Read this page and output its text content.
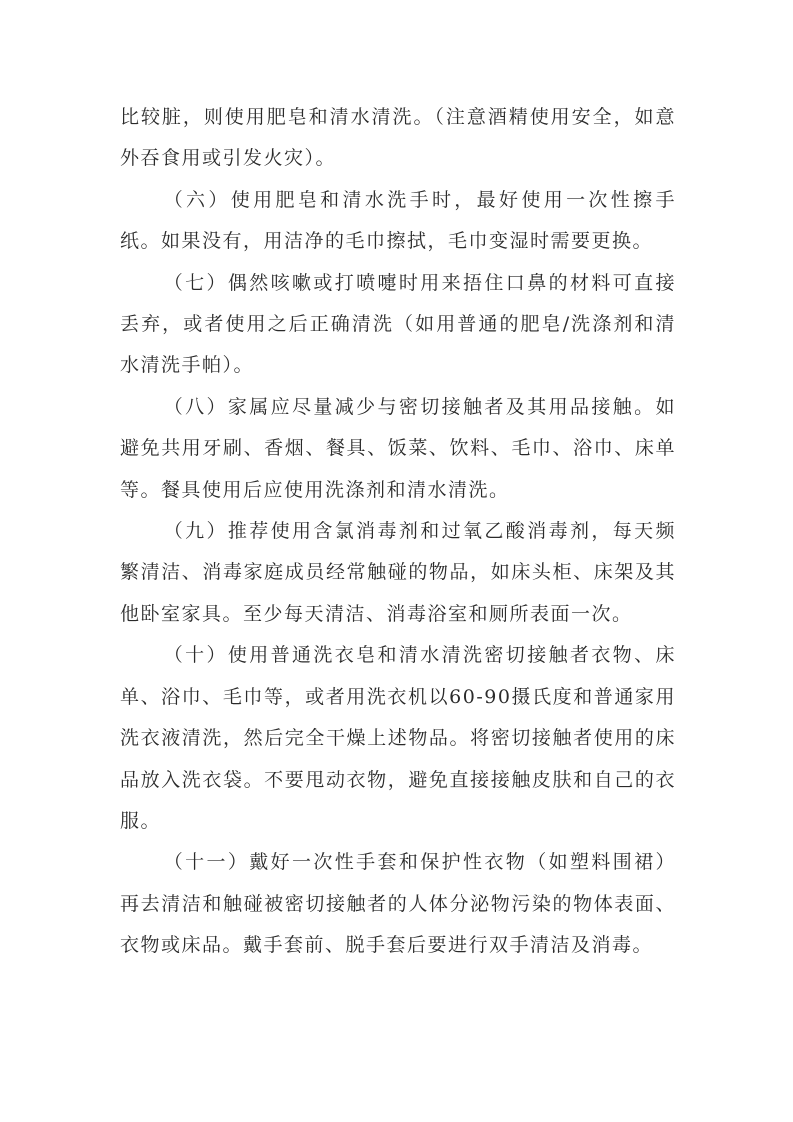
比较脏，则使用肥皂和清水清洗。（注意酒精使用安全，如意外吞食用或引发火灾）。

（六）使用肥皂和清水洗手时，最好使用一次性擦手纸。如果没有，用洁净的毛巾擦拭，毛巾变湿时需要更换。

（七）偶然咳嗽或打喷嚏时用来捂住口鼻的材料可直接丢弃，或者使用之后正确清洗（如用普通的肥皂/洗涤剂和清水清洗手帕）。

（八）家属应尽量减少与密切接触者及其用品接触。如避免共用牙刷、香烟、餐具、饭菜、饮料、毛巾、浴巾、床单等。餐具使用后应使用洗涤剂和清水清洗。

（九）推荐使用含氯消毒剂和过氧乙酸消毒剂，每天频繁清洁、消毒家庭成员经常触碰的物品，如床头柜、床架及其他卧室家具。至少每天清洁、消毒浴室和厕所表面一次。

（十）使用普通洗衣皂和清水清洗密切接触者衣物、床单、浴巾、毛巾等，或者用洗衣机以60-90摄氏度和普通家用洗衣液清洗，然后完全干燥上述物品。将密切接触者使用的床品放入洗衣袋。不要甩动衣物，避免直接接触皮肤和自己的衣服。

（十一）戴好一次性手套和保护性衣物（如塑料围裙）再去清洁和触碰被密切接触者的人体分泌物污染的物体表面、衣物或床品。戴手套前、脱手套后要进行双手清洁及消毒。
